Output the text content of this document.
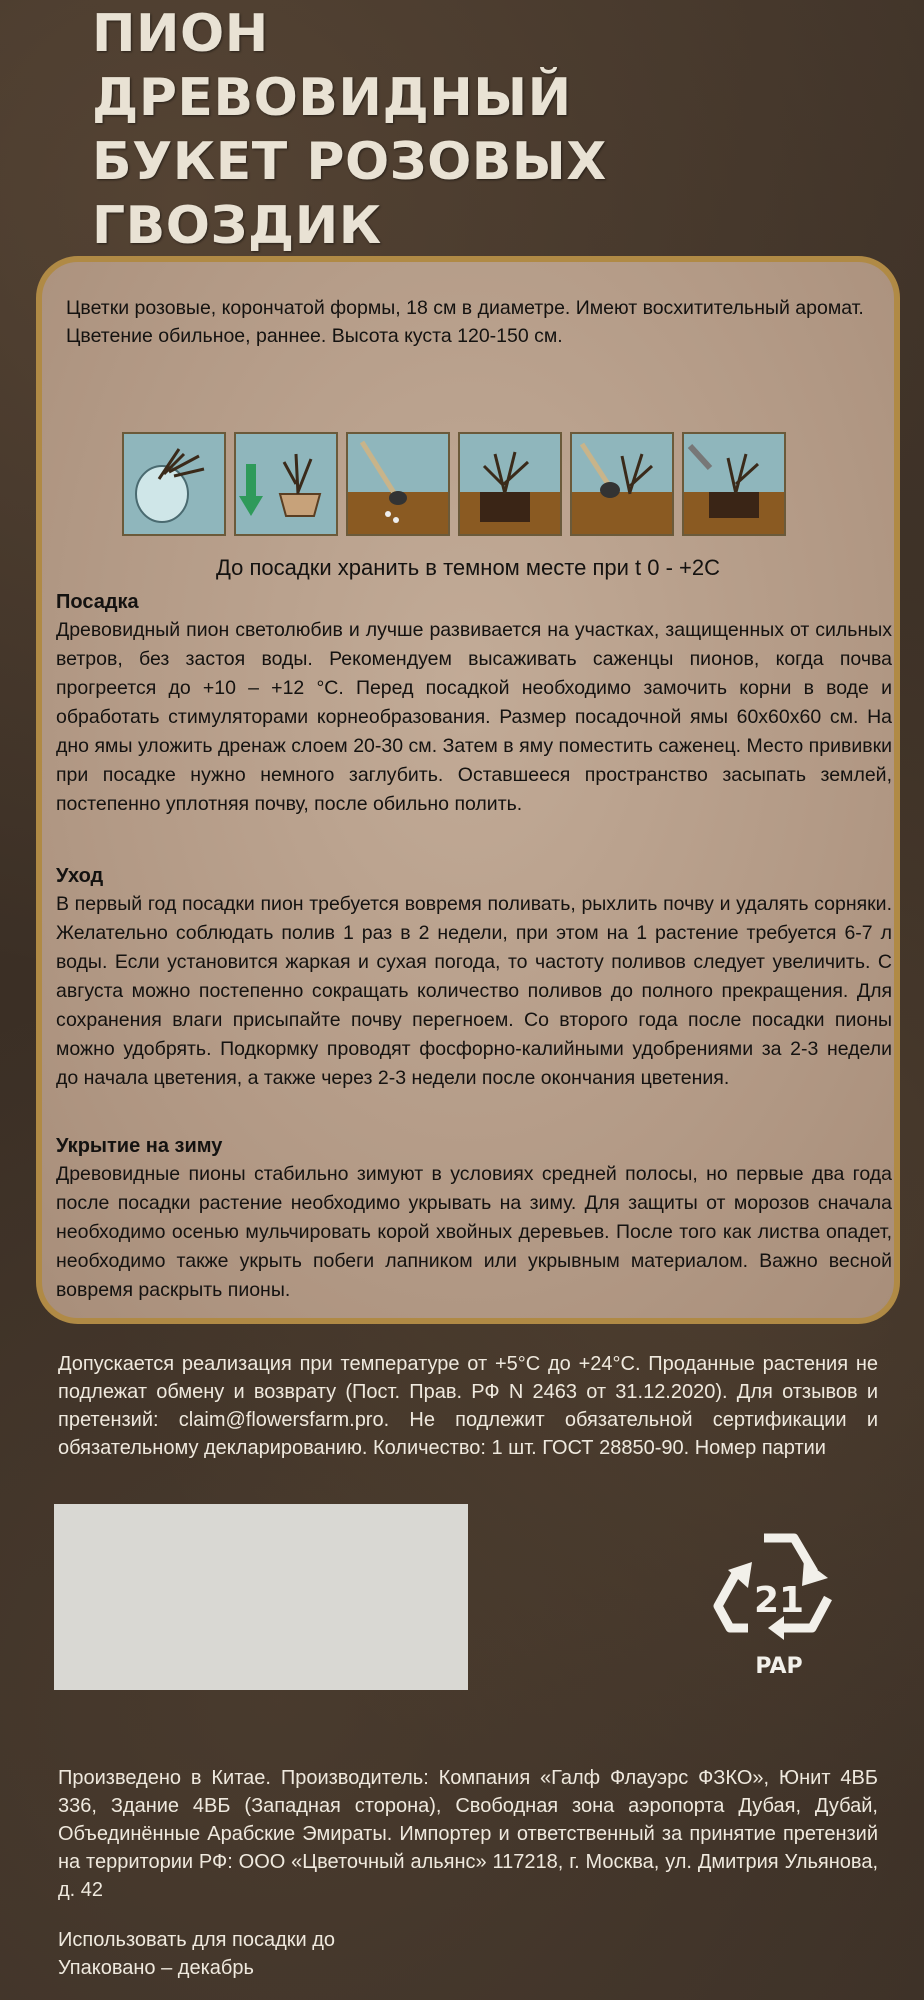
ПИОН
ДРЕВОВИДНЫЙ
БУКЕТ РОЗОВЫХ
ГВОЗДИК
Цветки розовые, корончатой формы, 18 см в диаметре. Имеют восхитительный аромат. Цветение обильное, раннее. Высота куста 120-150 см.
До посадки хранить в темном месте при t 0 - +2С
Посадка
Древовидный пион светолюбив и лучше развивается на участках, защищенных от сильных ветров, без застоя воды. Рекомендуем высаживать саженцы пионов, когда почва прогреется до +10 – +12 °С. Перед посадкой необходимо замочить корни в воде и обработать стимуляторами корнеобразования. Размер посадочной ямы 60х60х60 см. На дно ямы уложить дренаж слоем 20-30 см. Затем в яму поместить саженец. Место прививки при посадке нужно немного заглубить. Оставшееся пространство засыпать землей, постепенно уплотняя почву, после обильно полить.
Уход
В первый год посадки пион требуется вовремя поливать, рыхлить почву и удалять сорняки. Желательно соблюдать полив 1 раз в 2 недели, при этом на 1 растение требуется 6-7 л воды. Если установится жаркая и сухая погода, то частоту поливов следует увеличить. С августа можно постепенно сокращать количество поливов до полного прекращения. Для сохранения влаги присыпайте почву перегноем. Со второго года после посадки пионы можно удобрять. Подкормку проводят фосфорно-калийными удобрениями за 2-3 недели до начала цветения, а также через 2-3 недели после окончания цветения.
Укрытие на зиму
Древовидные пионы стабильно зимуют в условиях средней полосы, но первые два года после посадки растение необходимо укрывать на зиму. Для защиты от морозов сначала необходимо осенью мульчировать корой хвойных деревьев. После того как листва опадет, необходимо также укрыть побеги лапником или укрывным материалом. Важно весной вовремя раскрыть пионы.
Допускается реализация при температуре от +5°С до +24°С. Проданные растения не подлежат обмену и возврату (Пост. Прав. РФ N 2463 от 31.12.2020). Для отзывов и претензий: claim@flowersfarm.pro. Не подлежит обязательной сертификации и обязательному декларированию. Количество: 1 шт. ГОСТ 28850-90. Номер партии
21
PAP
Произведено в Китае. Производитель: Компания «Галф Флауэрс ФЗКО», Юнит 4ВБ 336, Здание 4ВБ (Западная сторона), Свободная зона аэропорта Дубая, Дубай, Объединённые Арабские Эмираты. Импортер и ответственный за принятие претензий на территории РФ: ООО «Цветочный альянс» 117218, г. Москва, ул. Дмитрия Ульянова, д. 42
Использовать для посадки до
Упаковано – декабрь
